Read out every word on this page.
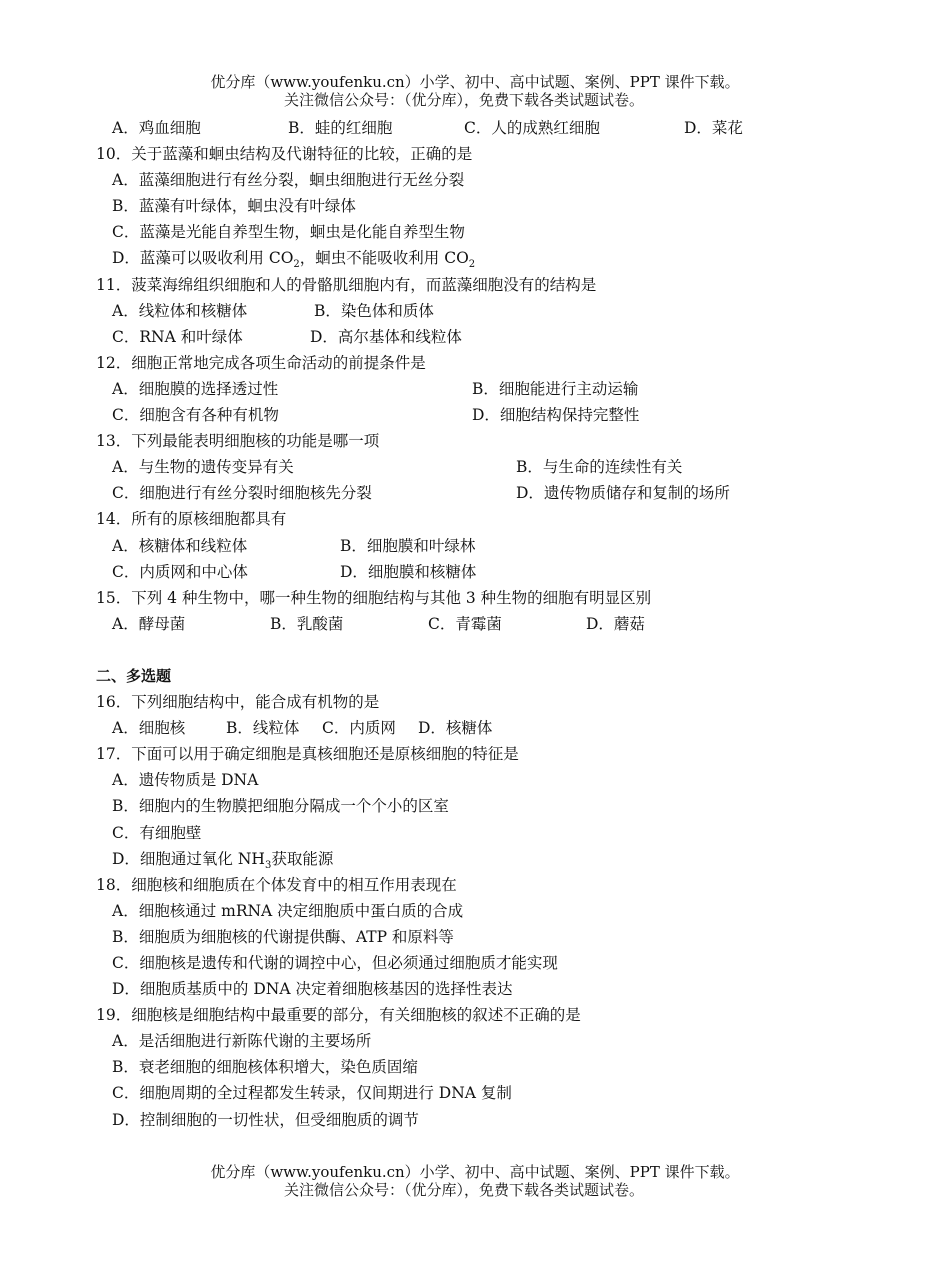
优分库（www.youfenku.cn）小学、初中、高中试题、案例、PPT 课件下载。
关注微信公众号：（优分库），免费下载各类试题试卷。
A．鸡血细胞	B．蛙的红细胞	C．人的成熟红细胞	D．菜花
10．关于蓝藻和蛔虫结构及代谢特征的比较，正确的是
A．蓝藻细胞进行有丝分裂，蛔虫细胞进行无丝分裂
B．蓝藻有叶绿体，蛔虫没有叶绿体
C．蓝藻是光能自养型生物，蛔虫是化能自养型生物
D．蓝藻可以吸收利用 $CO_2$，蛔虫不能吸收利用 $CO_2$
11．菠菜海绵组织细胞和人的骨骼肌细胞内有，而蓝藻细胞没有的结构是
A．线粒体和核糖体	B．染色体和质体
C．RNA 和叶绿体	D．高尔基体和线粒体
12．细胞正常地完成各项生命活动的前提条件是
A．细胞膜的选择透过性	B．细胞能进行主动运输
C．细胞含有各种有机物	D．细胞结构保持完整性
13．下列最能表明细胞核的功能是哪一项
A．与生物的遗传变异有关	B．与生命的连续性有关
C．细胞进行有丝分裂时细胞核先分裂	D．遗传物质储存和复制的场所
14．所有的原核细胞都具有
A．核糖体和线粒体	B．细胞膜和叶绿林
C．内质网和中心体	D．细胞膜和核糖体
15．下列 4 种生物中，哪一种生物的细胞结构与其他 3 种生物的细胞有明显区别
A．酵母菌	B．乳酸菌	C．青霉菌	D．蘑菇
二、多选题
16．下列细胞结构中，能合成有机物的是
A．细胞核	B．线粒体 C．内质网 D．核糖体
17．下面可以用于确定细胞是真核细胞还是原核细胞的特征是
A．遗传物质是 DNA
B．细胞内的生物膜把细胞分隔成一个个小的区室
C．有细胞壁
D．细胞通过氧化 $NH_3$获取能源
18．细胞核和细胞质在个体发育中的相互作用表现在
A．细胞核通过 mRNA 决定细胞质中蛋白质的合成
B．细胞质为细胞核的代谢提供酶、ATP 和原料等
C．细胞核是遗传和代谢的调控中心，但必须通过细胞质才能实现
D．细胞质基质中的 DNA 决定着细胞核基因的选择性表达
19．细胞核是细胞结构中最重要的部分，有关细胞核的叙述不正确的是
A．是活细胞进行新陈代谢的主要场所
B．衰老细胞的细胞核体积增大，染色质固缩
C．细胞周期的全过程都发生转录，仅间期进行 DNA 复制
D．控制细胞的一切性状，但受细胞质的调节
优分库（www.youfenku.cn）小学、初中、高中试题、案例、PPT 课件下载。
关注微信公众号：（优分库），免费下载各类试题试卷。
